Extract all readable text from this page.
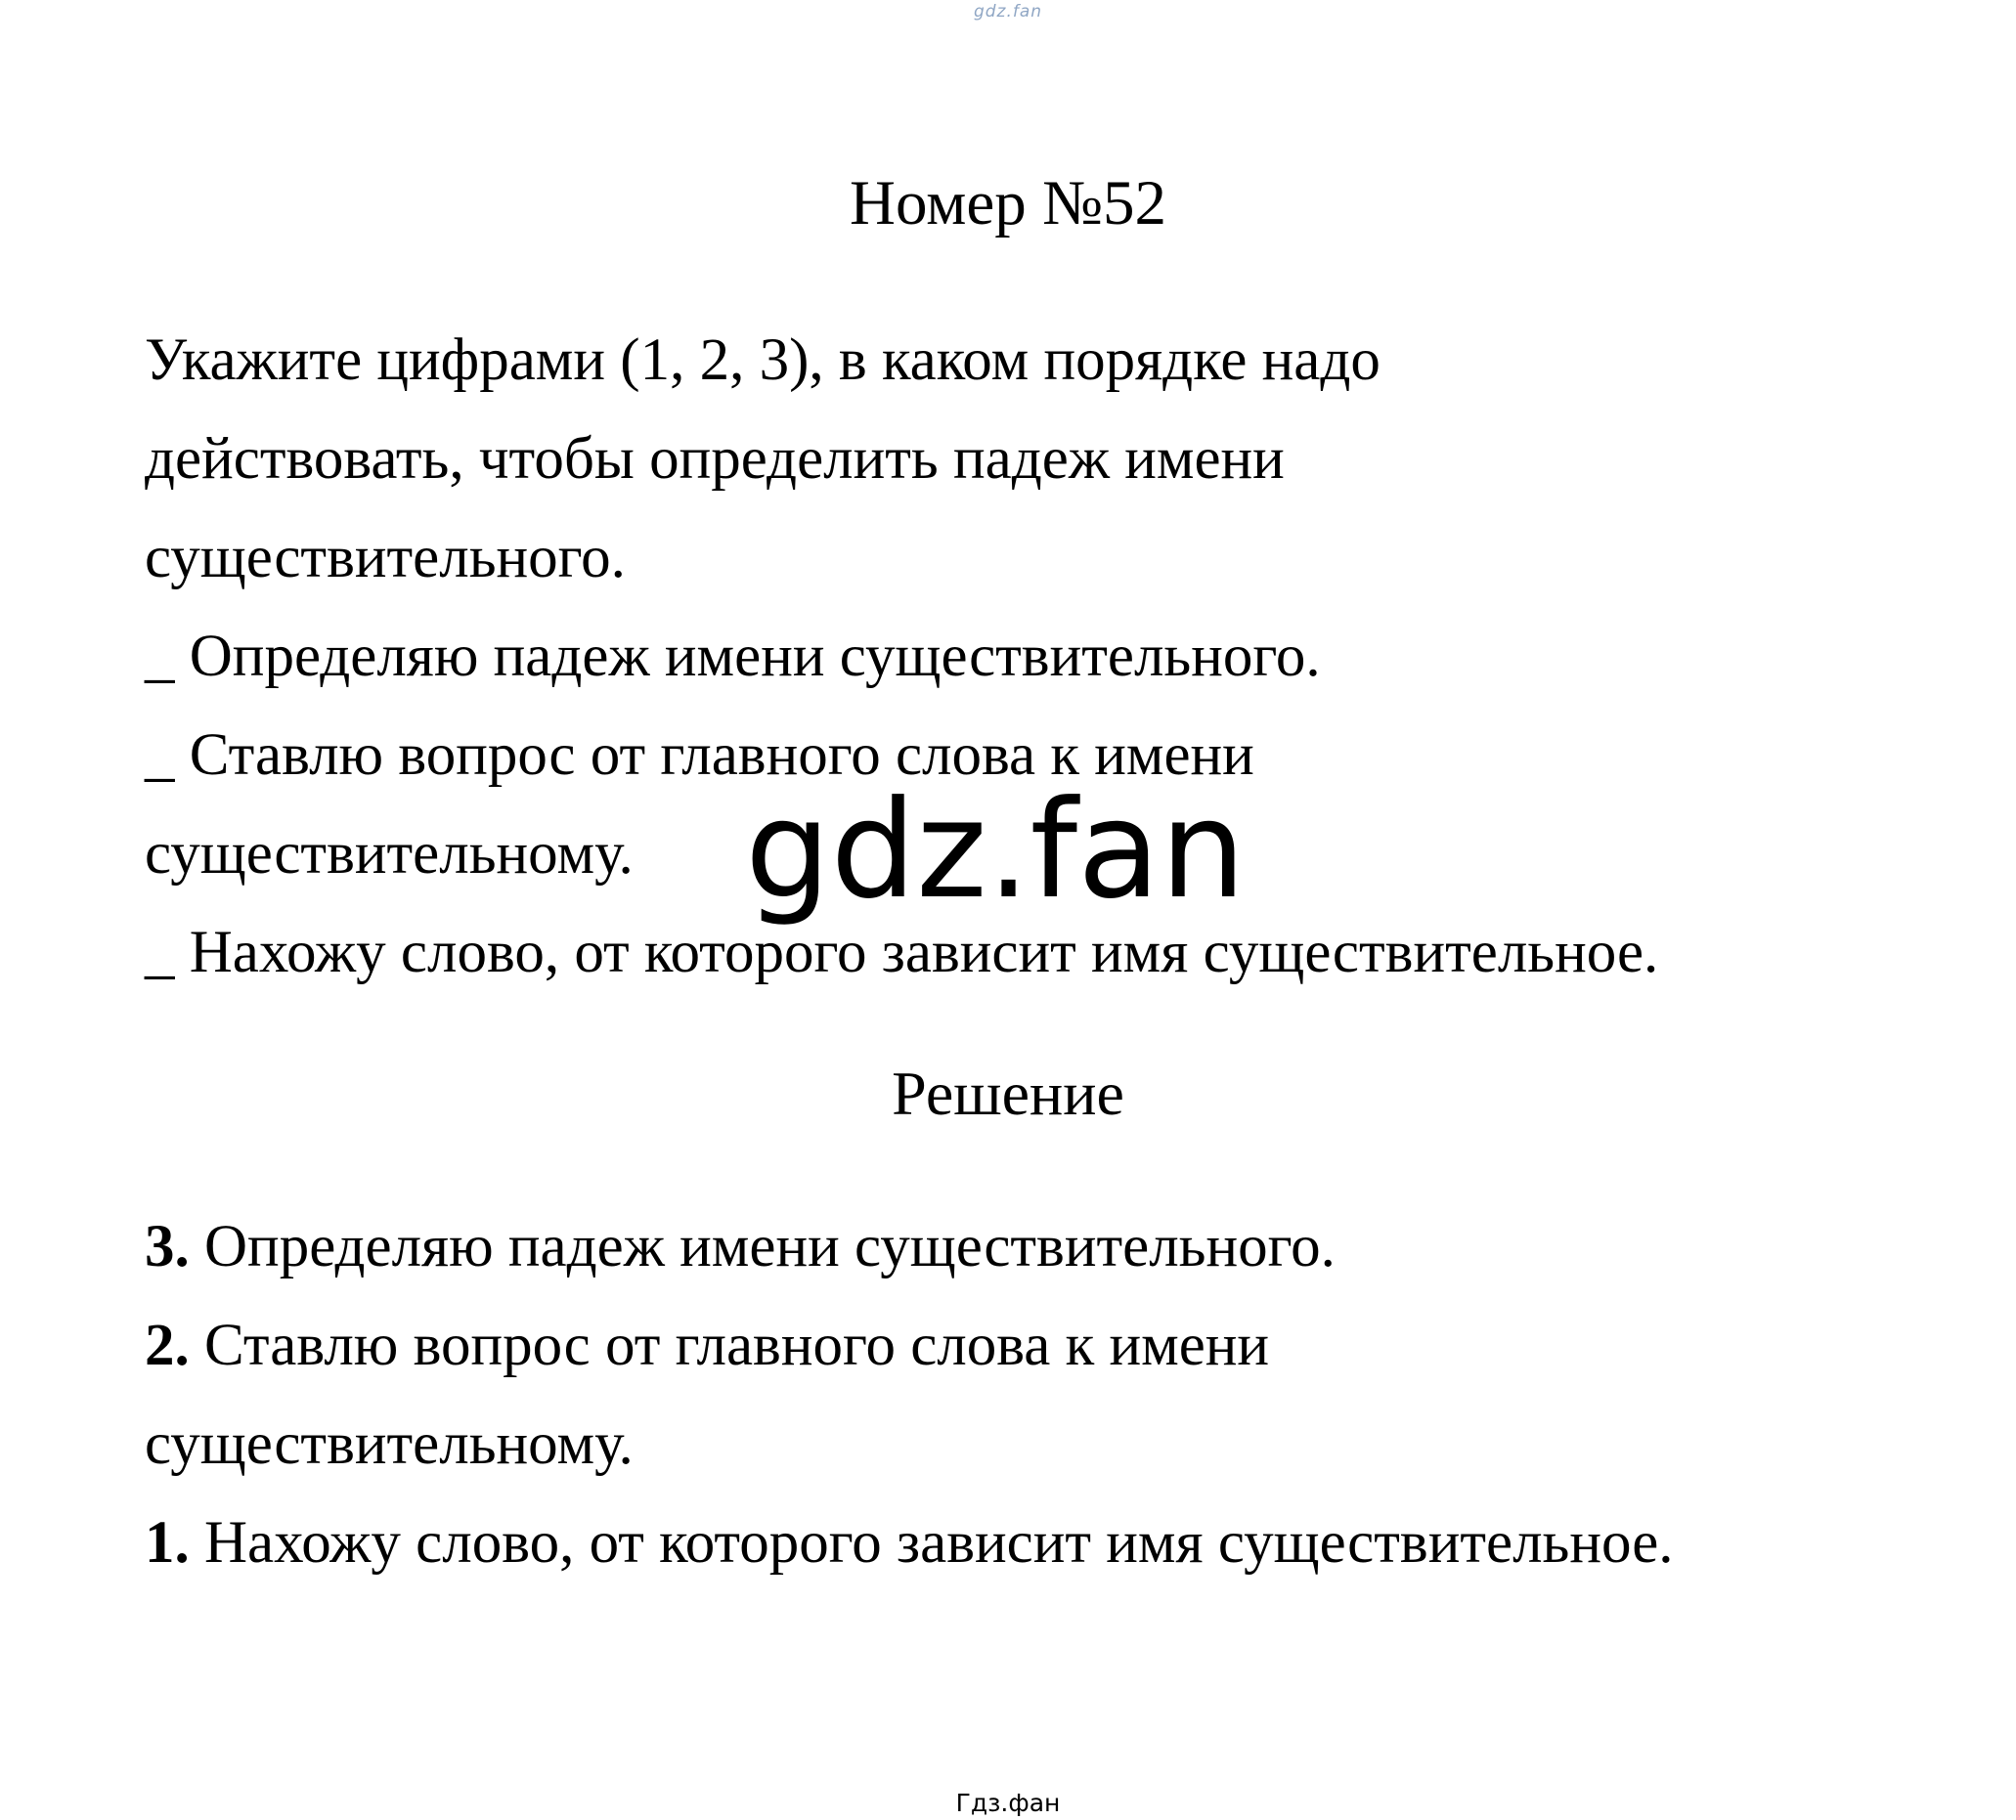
gdz.fan
Номер №52
Укажите цифрами (1, 2, 3), в каком порядке надо
действовать, чтобы определить падеж имени
существительного.
_ Определяю падеж имени существительного.
_ Ставлю вопрос от главного слова к имени
существительному.
_ Нахожу слово, от которого зависит имя существительное.
Решение
3. Определяю падеж имени существительного.
2. Ставлю вопрос от главного слова к имени
существительному.
1. Нахожу слово, от которого зависит имя существительное.
gdz.fan
Гдз.фан
